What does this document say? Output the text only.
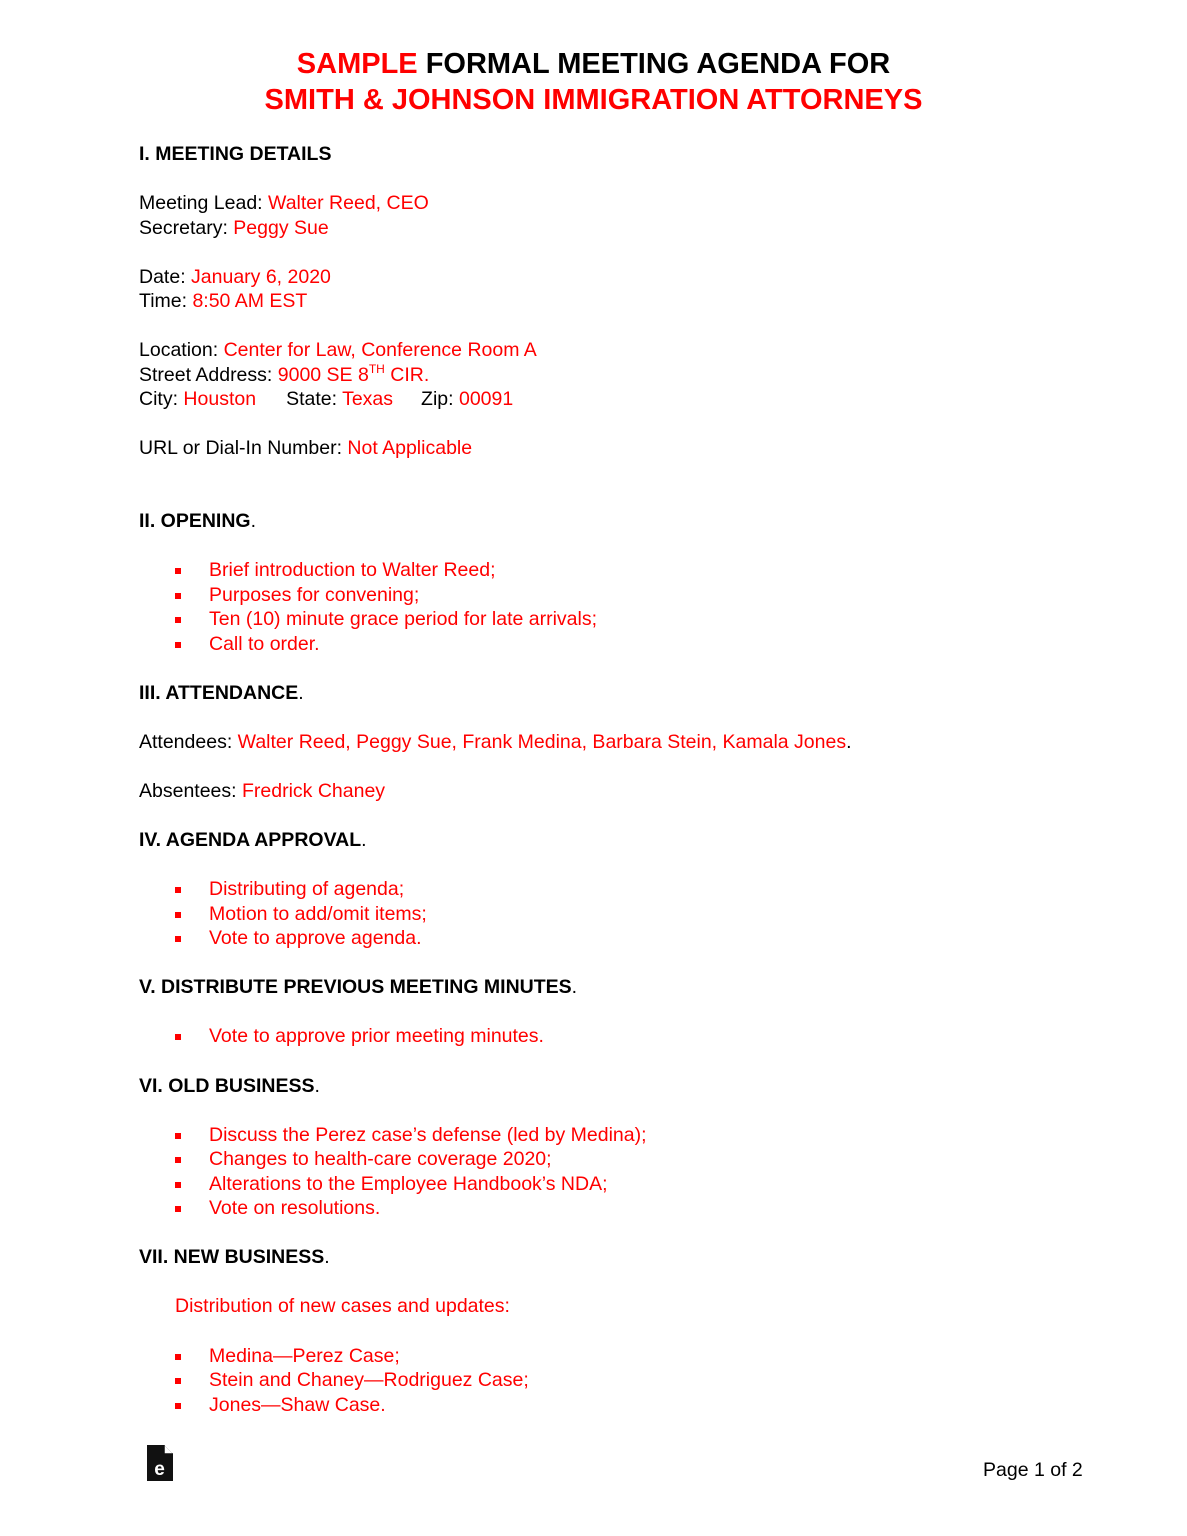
SAMPLE FORMAL MEETING AGENDA FOR
SMITH & JOHNSON IMMIGRATION ATTORNEYS
I. MEETING DETAILS
Meeting Lead: Walter Reed, CEO
Secretary: Peggy Sue
Date: January 6, 2020
Time: 8:50 AM EST
Location: Center for Law, Conference Room A
Street Address: 9000 SE 8TH CIR.
City: Houston State: Texas Zip: 00091
URL or Dial-In Number: Not Applicable
II. OPENING.
Brief introduction to Walter Reed;
Purposes for convening;
Ten (10) minute grace period for late arrivals;
Call to order.
III. ATTENDANCE.
Attendees: Walter Reed, Peggy Sue, Frank Medina, Barbara Stein, Kamala Jones.
Absentees: Fredrick Chaney
IV. AGENDA APPROVAL.
Distributing of agenda;
Motion to add/omit items;
Vote to approve agenda.
V. DISTRIBUTE PREVIOUS MEETING MINUTES.
Vote to approve prior meeting minutes.
VI. OLD BUSINESS.
Discuss the Perez case’s defense (led by Medina);
Changes to health-care coverage 2020;
Alterations to the Employee Handbook’s NDA;
Vote on resolutions.
VII. NEW BUSINESS.
Distribution of new cases and updates:
Medina—Perez Case;
Stein and Chaney—Rodriguez Case;
Jones—Shaw Case.
e	Page 1 of 2
